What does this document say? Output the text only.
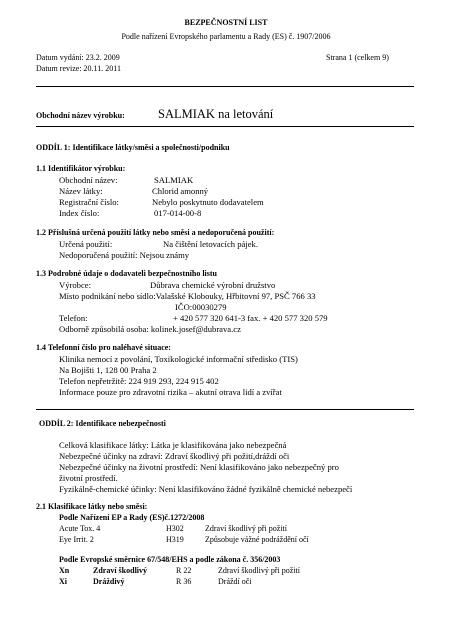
BEZPEČNOSTNÍ LIST
Podle nařízení Evropského parlamentu a Rady (ES) č. 1907/2006
Datum vydání: 23.2. 2009	Strana 1 (celkem 9)
Datum revize: 20.11. 2011
Obchodní název výrobku:	SALMIAK na letování
ODDÍL 1: Identifikace látky/směsi a společnosti/podniku
1.1 Identifikátor výrobku:
Obchodní název:	SALMIAK
Název látky:	Chlorid amonný
Registrační číslo:	Nebylo poskytnuto dodavatelem
Index číslo:	017-014-00-8
1.2 Příslušná určená použití látky nebo směsi a nedoporučená použití:
Určená použití:	Na čištění letovacích pájek.
Nedoporučená použití: Nejsou známy
1.3 Podrobné údaje o dodavateli bezpečnostního listu
Výrobce:	Důbrava chemické výrobní družstvo
Místo podnikání nebo sídlo:Valašské Klobouky, Hřbitovní 97, PSČ 766 33
IČO:00030279
Telefon:	+ 420 577 320 641-3 fax. + 420 577 320 579
Odborně způsobilá osoba: kolinek.josef@dubrava.cz
1.4 Telefonní číslo pro naléhavé situace:
Klinika nemocí z povolání, Toxikologické informační středisko (TIS)
Na Bojišti 1, 128 00 Praha 2
Telefon nepřetržitě: 224 919 293, 224 915 402
Informace pouze pro zdravotní rizika – akutní otrava lidí a zvířat
ODDÍL 2: Identifikace nebezpečnosti
Celková klasifikace látky: Látka je klasifikována jako nebezpečná
Nebezpečné účinky na zdraví: Zdraví škodlivý při požití,dráždí oči
Nebezpečné účinky na životní prostředí: Není klasifikováno jako nebezpečný pro
životní prostředí.
Fyzikálně-chemické účinky: Není klasifikováno žádné fyzikálně chemické nebezpečí
2.1 Klasifikace látky nebo směsi:
Podle Nařízení EP a Rady (ES)č.1272/2008
Acute Tox. 4	H302	Zdraví škodlivý při požití
Eye Irrit. 2	H319	Způsobuje vážné podráždění očí
Podle Evropské směrnice 67/548/EHS a podle zákona č. 356/2003
Xn	Zdraví škodlivý	R 22	Zdraví škodlivý při požití
Xi	Dráždivý	R 36	Dráždí oči
